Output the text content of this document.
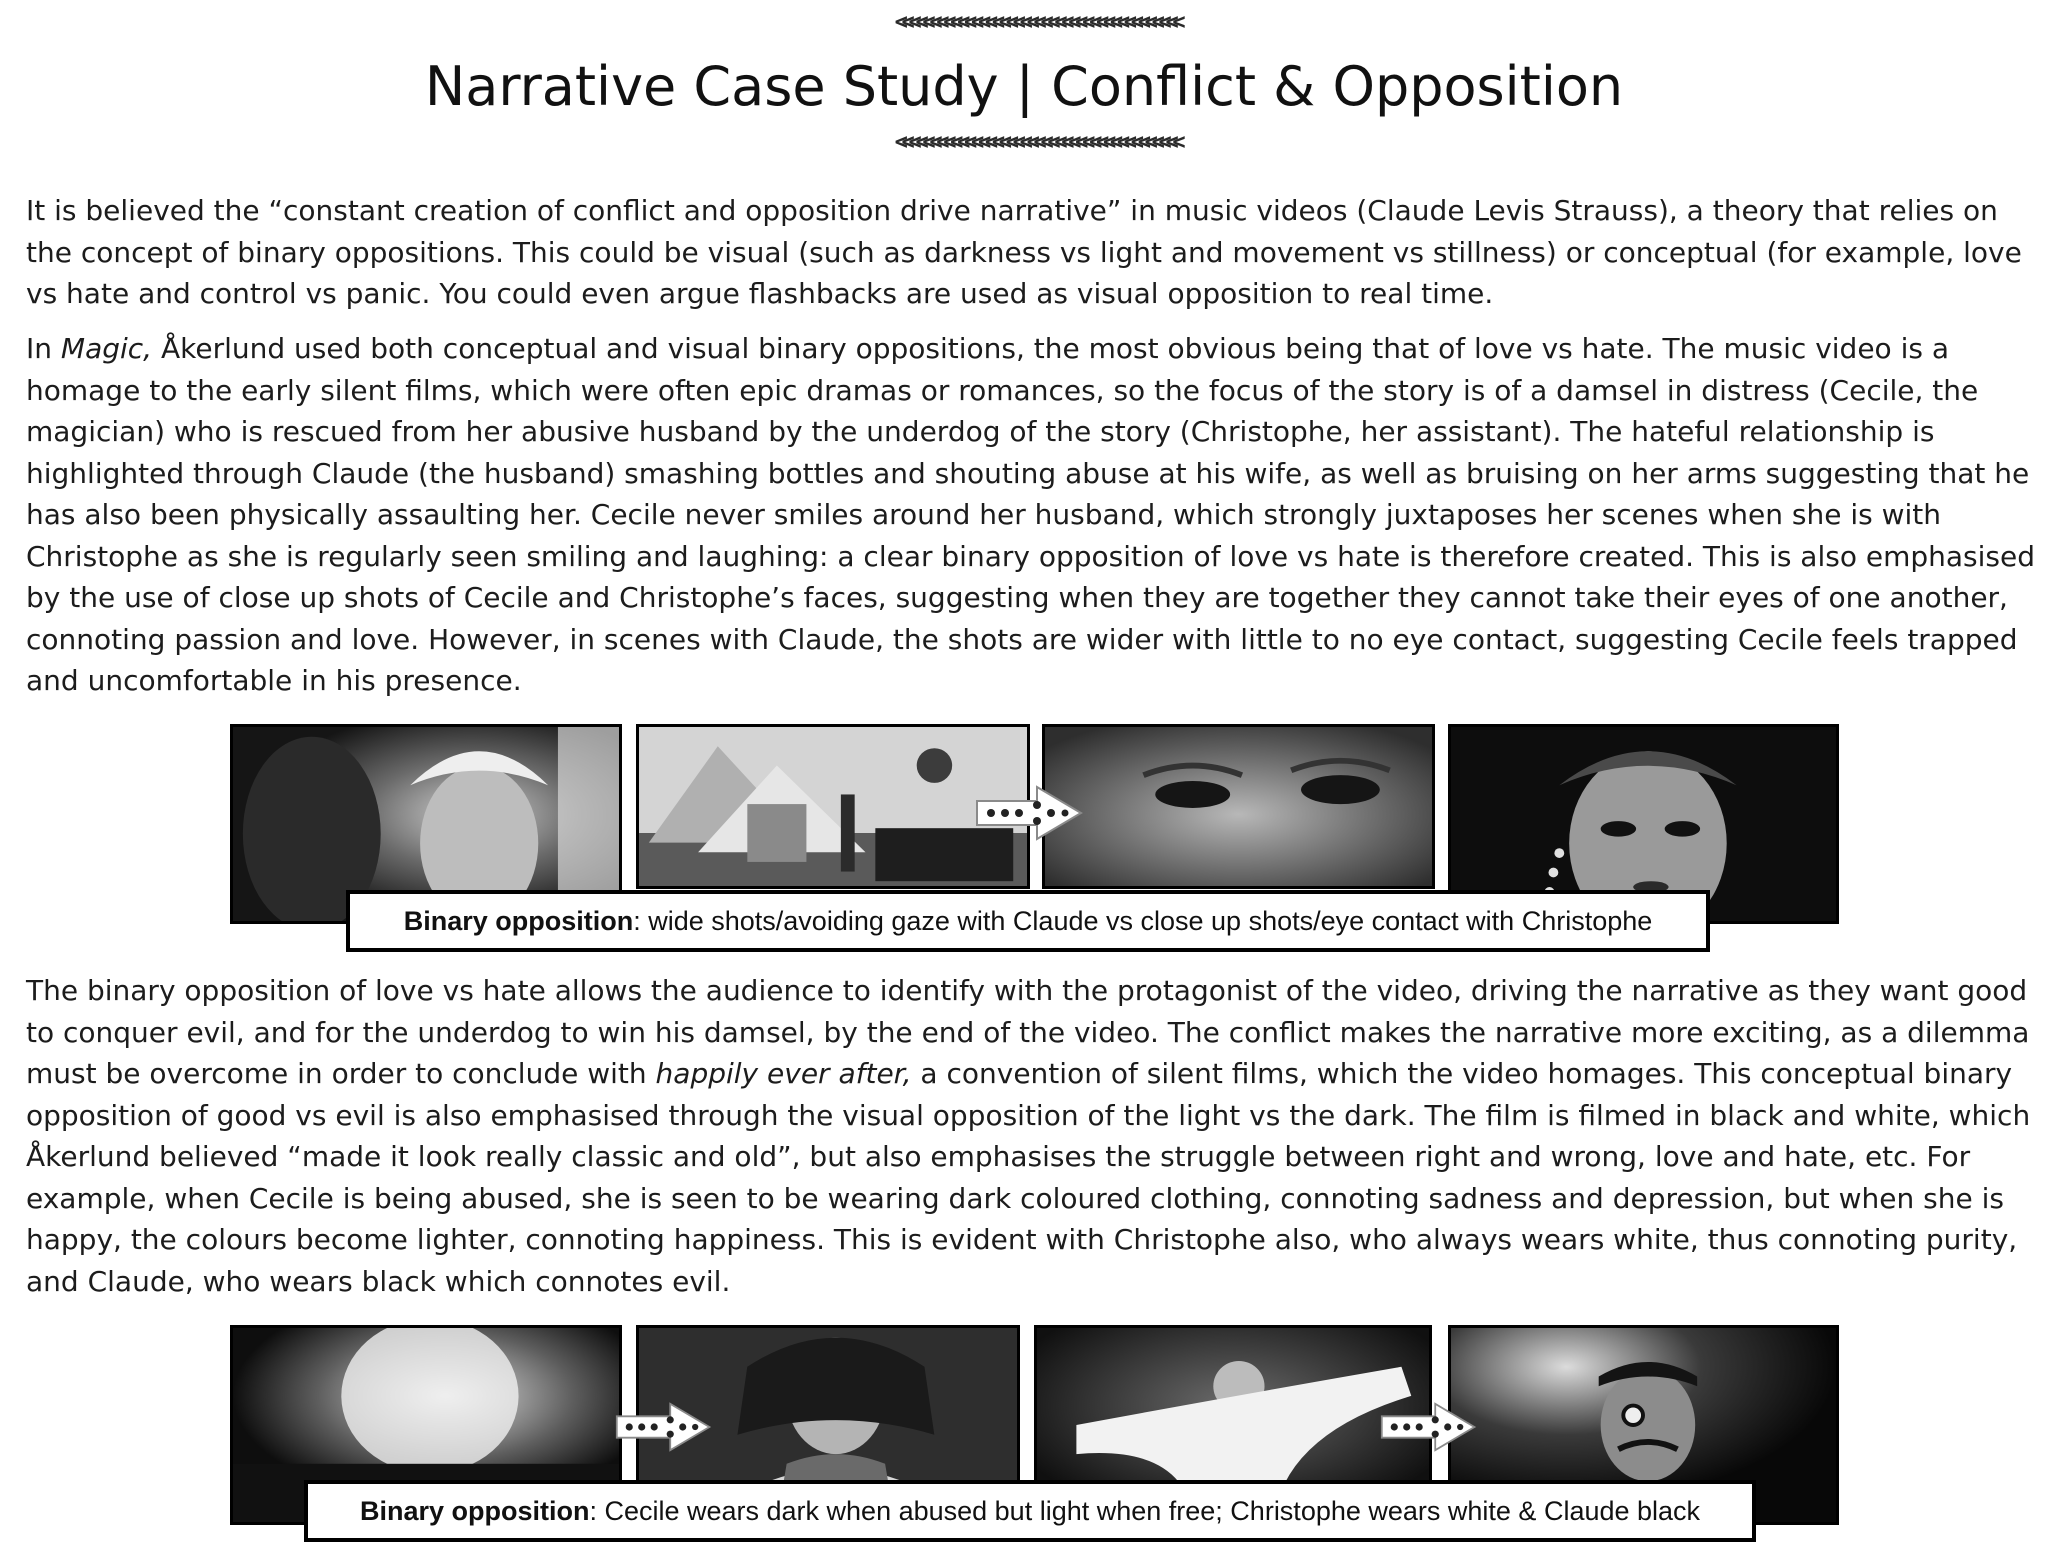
<<<<<<<<<<<<<<<<<<<<<<<<<<<<<<<<<<<<<<<<<
Narrative Case Study | Conflict & Opposition
<<<<<<<<<<<<<<<<<<<<<<<<<<<<<<<<<<<<<<<<<

It is believed the “constant creation of conflict and opposition drive narrative” in music videos (Claude Levis Strauss), a theory that relies on the concept of binary oppositions. This could be visual (such as darkness vs light and movement vs stillness) or conceptual (for example, love vs hate and control vs panic. You could even argue flashbacks are used as visual opposition to real time.

In Magic, Åkerlund used both conceptual and visual binary oppositions, the most obvious being that of love vs hate. The music video is a homage to the early silent films, which were often epic dramas or romances, so the focus of the story is of a damsel in distress (Cecile, the magician) who is rescued from her abusive husband by the underdog of the story (Christophe, her assistant). The hateful relationship is highlighted through Claude (the husband) smashing bottles and shouting abuse at his wife, as well as bruising on her arms suggesting that he has also been physically assaulting her. Cecile never smiles around her husband, which strongly juxtaposes her scenes when she is with Christophe as she is regularly seen smiling and laughing: a clear binary opposition of love vs hate is therefore created. This is also emphasised by the use of close up shots of Cecile and Christophe’s faces, suggesting when they are together they cannot take their eyes of one another, connoting passion and love. However, in scenes with Claude, the shots are wider with little to no eye contact, suggesting Cecile feels trapped and uncomfortable in his presence.

Binary opposition: wide shots/avoiding gaze with Claude vs close up shots/eye contact with Christophe

The binary opposition of love vs hate allows the audience to identify with the protagonist of the video, driving the narrative as they want good to conquer evil, and for the underdog to win his damsel, by the end of the video. The conflict makes the narrative more exciting, as a dilemma must be overcome in order to conclude with happily ever after, a convention of silent films, which the video homages. This conceptual binary opposition of good vs evil is also emphasised through the visual opposition of the light vs the dark. The film is filmed in black and white, which Åkerlund believed “made it look really classic and old”, but also emphasises the struggle between right and wrong, love and hate, etc. For example, when Cecile is being abused, she is seen to be wearing dark coloured clothing, connoting sadness and depression, but when she is happy, the colours become lighter, connoting happiness. This is evident with Christophe also, who always wears white, thus connoting purity, and Claude, who wears black which connotes evil.

Binary opposition: Cecile wears dark when abused but light when free; Christophe wears white & Claude black
